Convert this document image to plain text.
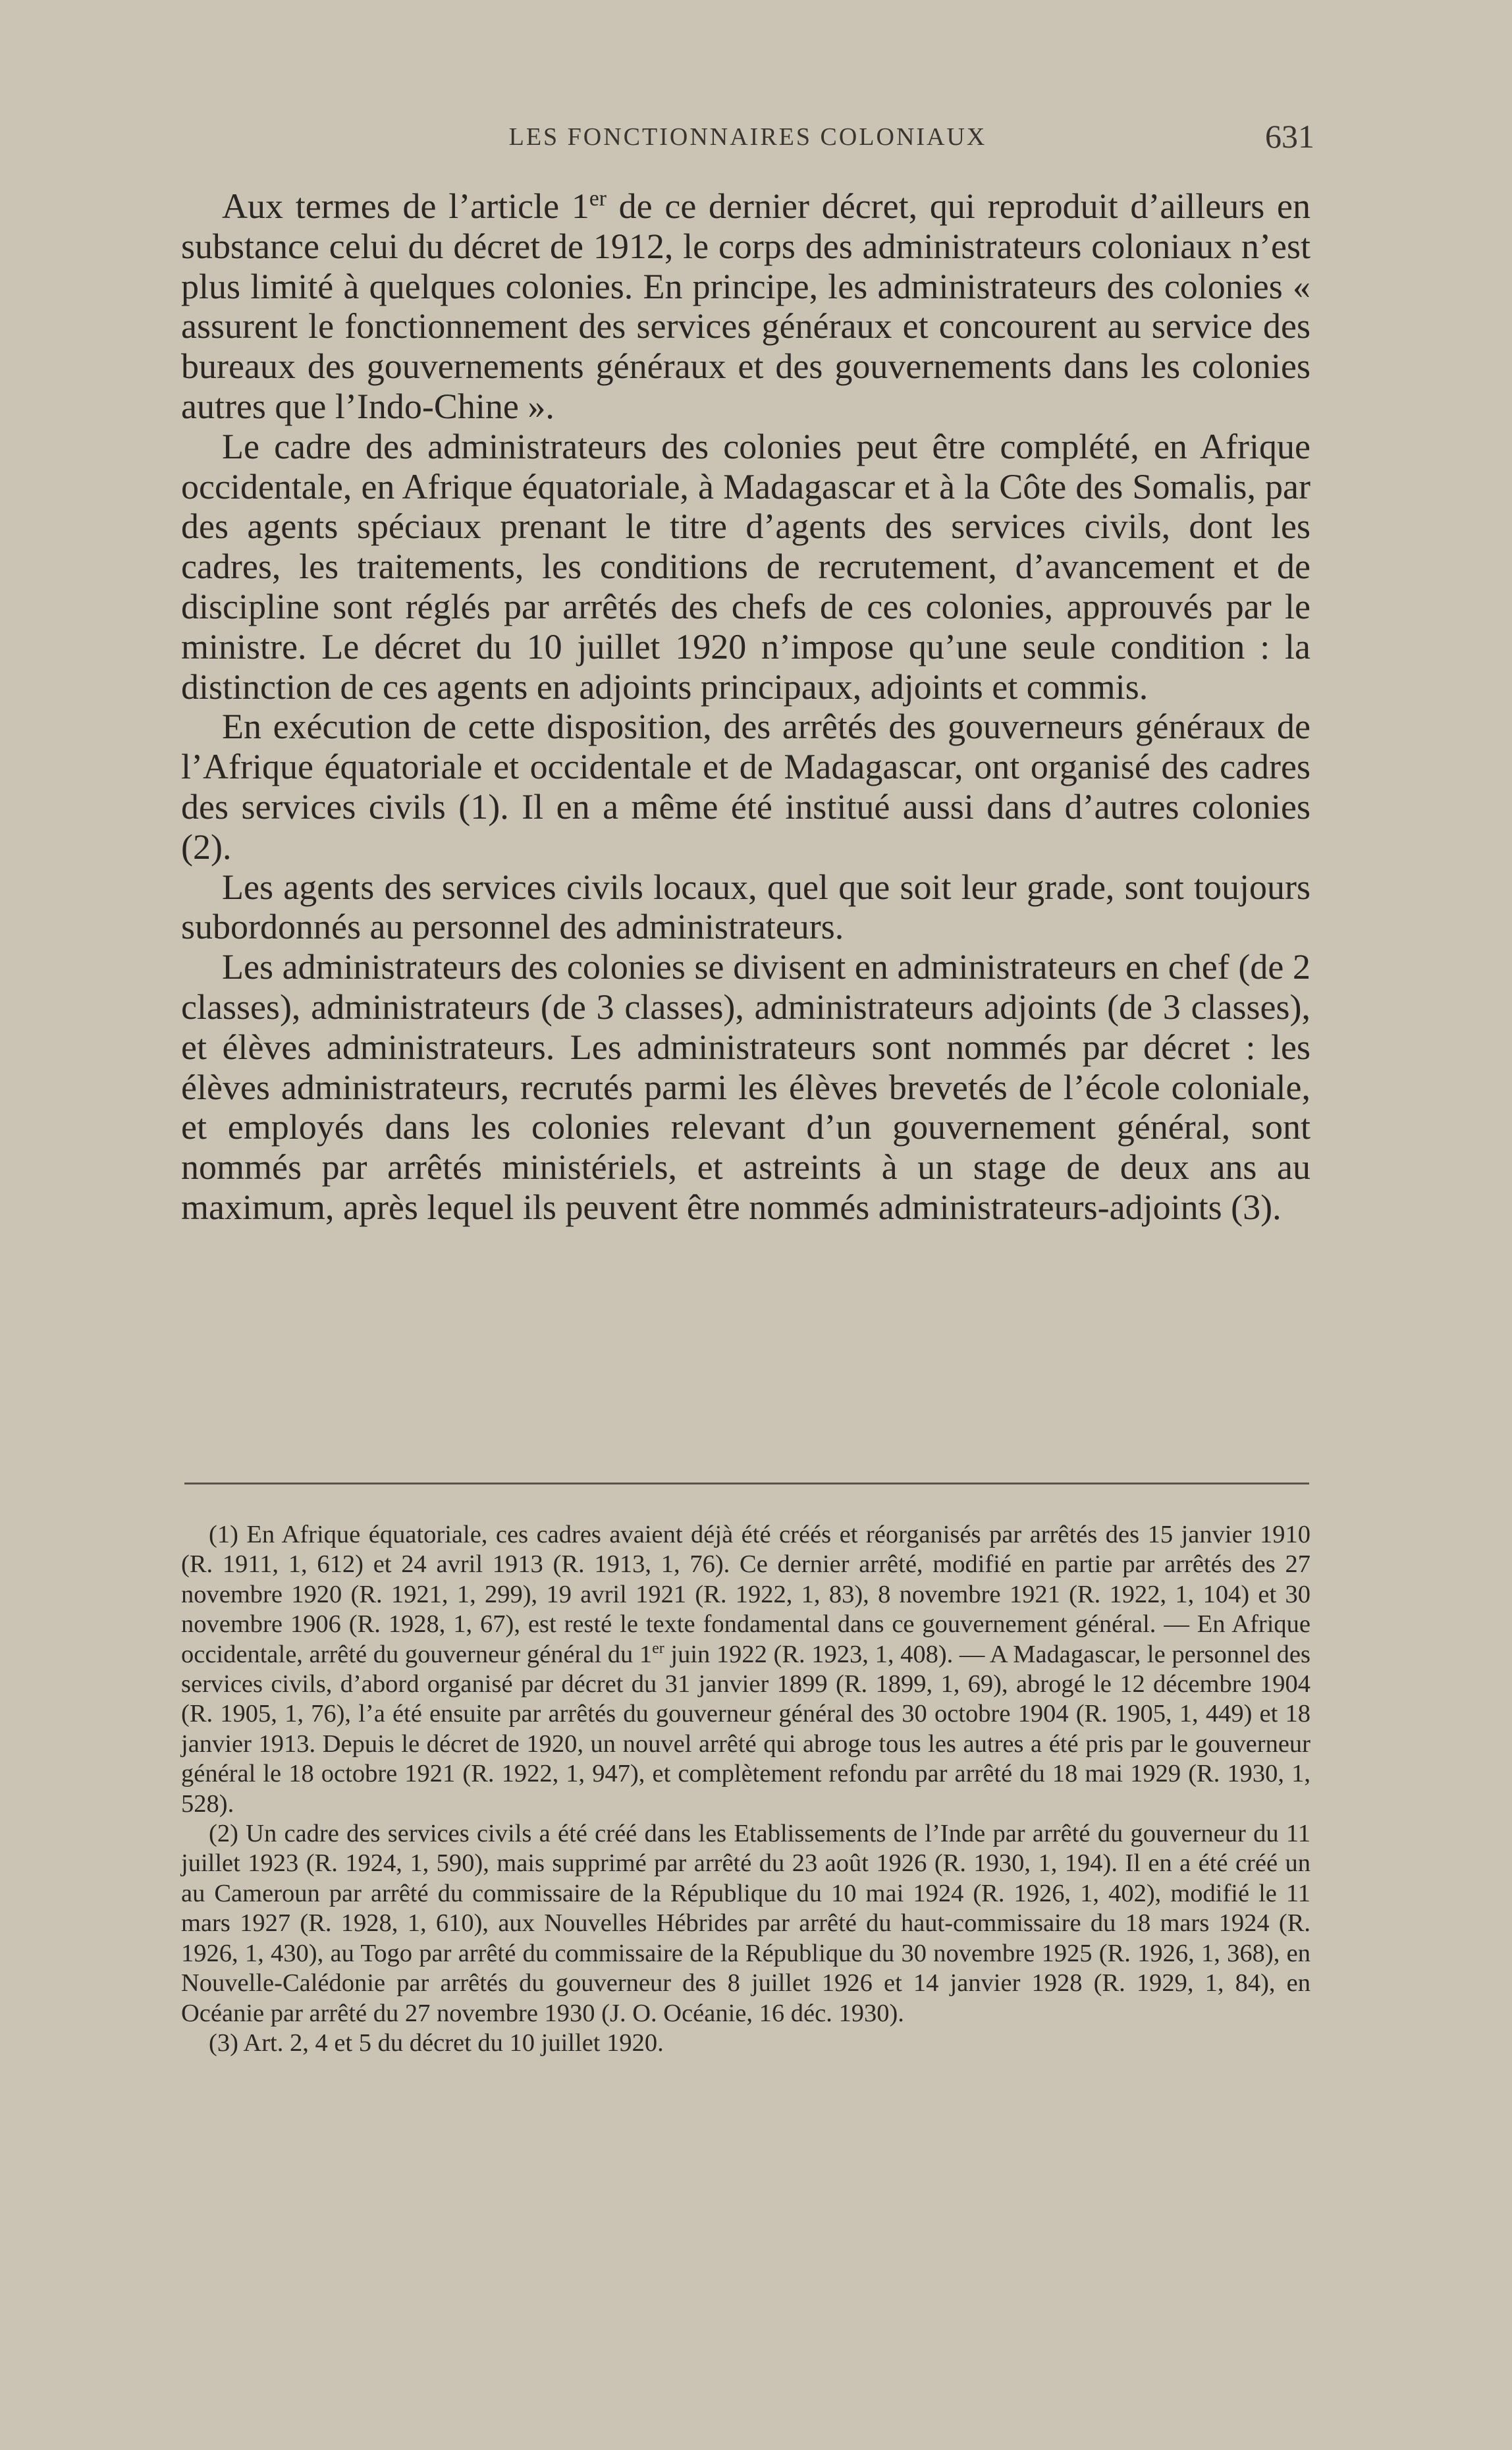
LES FONCTIONNAIRES COLONIAUX	631

Aux termes de l’article 1er de ce dernier décret, qui reproduit d’ailleurs en substance celui du décret de 1912, le corps des administrateurs coloniaux n’est plus limité à quelques colonies. En principe, les administrateurs des colonies « assurent le fonctionnement des services généraux et concourent au service des bureaux des gouvernements généraux et des gouvernements dans les colonies autres que l’Indo-Chine ».

Le cadre des administrateurs des colonies peut être complété, en Afrique occidentale, en Afrique équatoriale, à Madagascar et à la Côte des Somalis, par des agents spéciaux prenant le titre d’agents des services civils, dont les cadres, les traitements, les conditions de recrutement, d’avancement et de discipline sont réglés par arrêtés des chefs de ces colonies, approuvés par le ministre. Le décret du 10 juillet 1920 n’impose qu’une seule condition : la distinction de ces agents en adjoints principaux, adjoints et commis.

En exécution de cette disposition, des arrêtés des gouverneurs généraux de l’Afrique équatoriale et occidentale et de Madagascar, ont organisé des cadres des services civils (1). Il en a même été institué aussi dans d’autres colonies (2).

Les agents des services civils locaux, quel que soit leur grade, sont toujours subordonnés au personnel des administrateurs.

Les administrateurs des colonies se divisent en administrateurs en chef (de 2 classes), administrateurs (de 3 classes), administrateurs adjoints (de 3 classes), et élèves administrateurs. Les administrateurs sont nommés par décret : les élèves administrateurs, recrutés parmi les élèves brevetés de l’école coloniale, et employés dans les colonies relevant d’un gouvernement général, sont nommés par arrêtés ministériels, et astreints à un stage de deux ans au maximum, après lequel ils peuvent être nommés administrateurs-adjoints (3).

(1) En Afrique équatoriale, ces cadres avaient déjà été créés et réorganisés par arrêtés des 15 janvier 1910 (R. 1911, 1, 612) et 24 avril 1913 (R. 1913, 1, 76). Ce dernier arrêté, modifié en partie par arrêtés des 27 novembre 1920 (R. 1921, 1, 299), 19 avril 1921 (R. 1922, 1, 83), 8 novembre 1921 (R. 1922, 1, 104) et 30 novembre 1906 (R. 1928, 1, 67), est resté le texte fondamental dans ce gouvernement général. — En Afrique occidentale, arrêté du gouverneur général du 1er juin 1922 (R. 1923, 1, 408). — A Madagascar, le personnel des services civils, d’abord organisé par décret du 31 janvier 1899 (R. 1899, 1, 69), abrogé le 12 décembre 1904 (R. 1905, 1, 76), l’a été ensuite par arrêtés du gouverneur général des 30 octobre 1904 (R. 1905, 1, 449) et 18 janvier 1913. Depuis le décret de 1920, un nouvel arrêté qui abroge tous les autres a été pris par le gouverneur général le 18 octobre 1921 (R. 1922, 1, 947), et complètement refondu par arrêté du 18 mai 1929 (R. 1930, 1, 528).

(2) Un cadre des services civils a été créé dans les Etablissements de l’Inde par arrêté du gouverneur du 11 juillet 1923 (R. 1924, 1, 590), mais supprimé par arrêté du 23 août 1926 (R. 1930, 1, 194). Il en a été créé un au Cameroun par arrêté du commissaire de la République du 10 mai 1924 (R. 1926, 1, 402), modifié le 11 mars 1927 (R. 1928, 1, 610), aux Nouvelles Hébrides par arrêté du haut-commissaire du 18 mars 1924 (R. 1926, 1, 430), au Togo par arrêté du commissaire de la République du 30 novembre 1925 (R. 1926, 1, 368), en Nouvelle-Calédonie par arrêtés du gouverneur des 8 juillet 1926 et 14 janvier 1928 (R. 1929, 1, 84), en Océanie par arrêté du 27 novembre 1930 (J. O. Océanie, 16 déc. 1930).

(3) Art. 2, 4 et 5 du décret du 10 juillet 1920.
